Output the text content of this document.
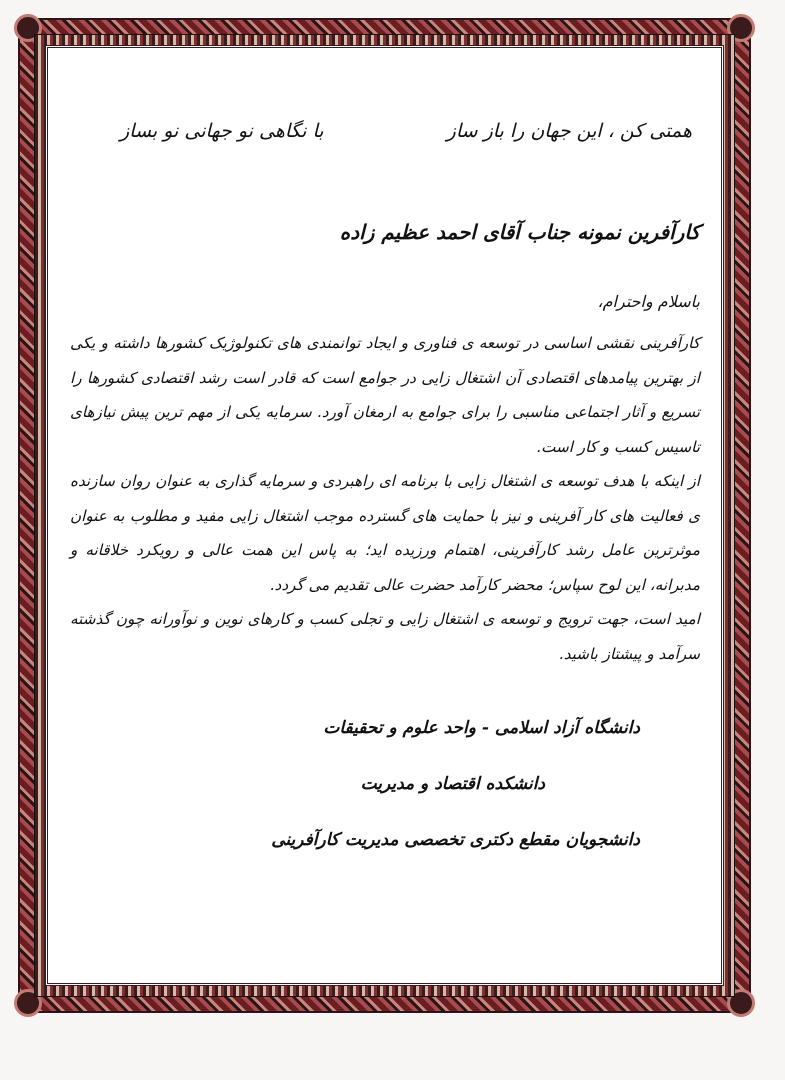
همتی کن ، این جهان را باز ساز
با نگاهی نو جهانی نو بساز
کارآفرین نمونه جناب آقای احمد عظیم زاده
باسلام واحترام،

کارآفرینی نقشی اساسی در توسعه ی فناوری و ایجاد توانمندی های تکنولوژیک کشورها داشته و یکی از بهترین پیامدهای اقتصادی آن اشتغال زایی در جوامع است که قادر است رشد اقتصادی کشورها را تسریع و آثار اجتماعی مناسبی را برای جوامع به ارمغان آورد. سرمایه یکی از مهم ترین پیش نیازهای تاسیس کسب و کار است.

از اینکه با هدف توسعه ی اشتغال زایی با برنامه ای راهبردی و سرمایه گذاری به عنوان روان سازنده ی فعالیت های کار آفرینی و نیز با حمایت های گسترده موجب اشتغال زایی مفید و مطلوب به عنوان موثرترین عامل رشد کارآفرینی، اهتمام ورزیده اید؛ به پاس این همت عالی و رویکرد خلاقانه و مدبرانه، این لوح سپاس؛ محضر کارآمد حضرت عالی تقدیم می گردد.

امید است، جهت ترویج و توسعه ی اشتغال زایی و تجلی کسب و کارهای نوین و نوآورانه چون گذشته سرآمد و پیشتاز باشید.

دانشگاه آزاد اسلامی - واحد علوم و تحقیقات
دانشکده اقتصاد و مدیریت
دانشجویان مقطع دکتری تخصصی مدیریت کارآفرینی
